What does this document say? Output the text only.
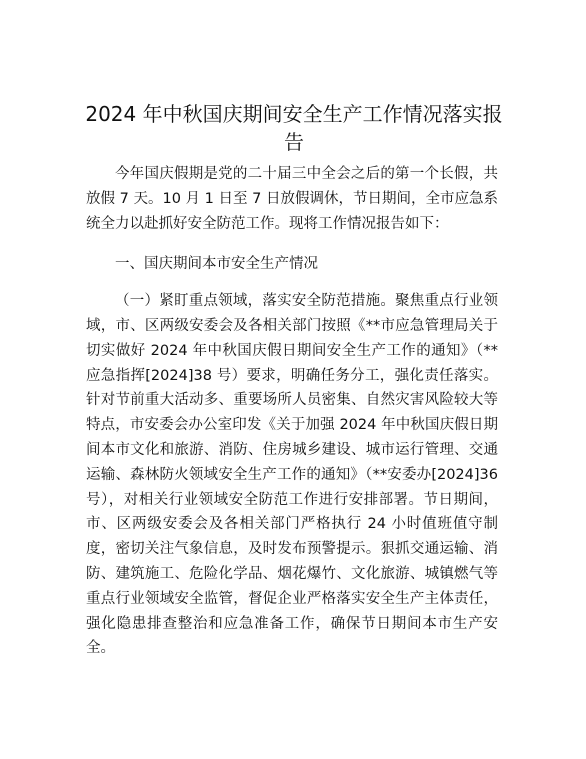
2024 年中秋国庆期间安全生产工作情况落实报告

今年国庆假期是党的二十届三中全会之后的第一个长假，共放假 7 天。10 月 1 日至 7 日放假调休，节日期间，全市应急系统全力以赴抓好安全防范工作。现将工作情况报告如下：

一、国庆期间本市安全生产情况

（一）紧盯重点领域，落实安全防范措施。聚焦重点行业领域，市、区两级安委会及各相关部门按照《**市应急管理局关于切实做好 2024 年中秋国庆假日期间安全生产工作的通知》（**应急指挥[2024]38 号）要求，明确任务分工，强化责任落实。针对节前重大活动多、重要场所人员密集、自然灾害风险较大等特点，市安委会办公室印发《关于加强 2024 年中秋国庆假日期间本市文化和旅游、消防、住房城乡建设、城市运行管理、交通运输、森林防火领域安全生产工作的通知》（**安委办[2024]36 号），对相关行业领域安全防范工作进行安排部署。节日期间，市、区两级安委会及各相关部门严格执行 24 小时值班值守制度，密切关注气象信息，及时发布预警提示。狠抓交通运输、消防、建筑施工、危险化学品、烟花爆竹、文化旅游、城镇燃气等重点行业领域安全监管，督促企业严格落实安全生产主体责任，强化隐患排查整治和应急准备工作，确保节日期间本市生产安全。
